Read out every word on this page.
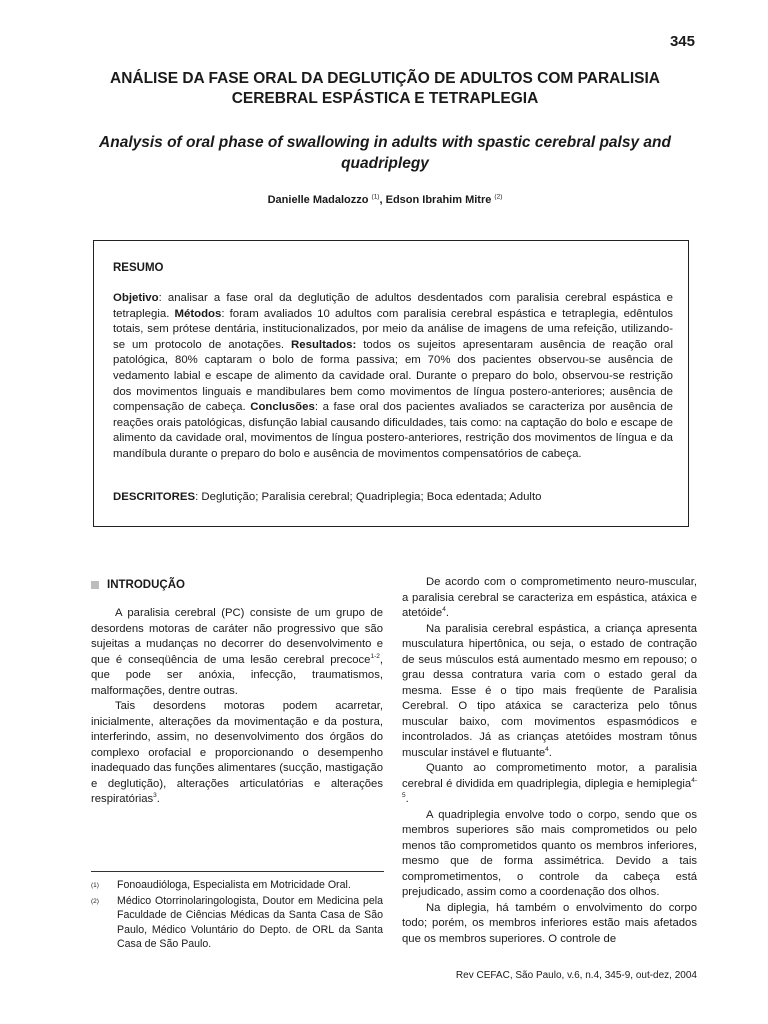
345
ANÁLISE DA FASE ORAL DA DEGLUTIÇÃO DE ADULTOS COM PARALISIA CEREBRAL ESPÁSTICA E TETRAPLEGIA
Analysis of oral phase of swallowing in adults with spastic cerebral palsy and quadriplegy
Danielle Madalozzo $^{(1)}$, Edson Ibrahim Mitre $^{(2)}$
RESUMO
Objetivo: analisar a fase oral da deglutição de adultos desdentados com paralisia cerebral espástica e tetraplegia. Métodos: foram avaliados 10 adultos com paralisia cerebral espástica e tetraplegia, edêntulos totais, sem prótese dentária, institucionalizados, por meio da análise de imagens de uma refeição, utilizando-se um protocolo de anotações. Resultados: todos os sujeitos apresentaram ausência de reação oral patológica, 80% captaram o bolo de forma passiva; em 70% dos pacientes observou-se ausência de vedamento labial e escape de alimento da cavidade oral. Durante o preparo do bolo, observou-se restrição dos movimentos linguais e mandibulares bem como movimentos de língua postero-anteriores; ausência de compensação de cabeça. Conclusões: a fase oral dos pacientes avaliados se caracteriza por ausência de reações orais patológicas, disfunção labial causando dificuldades, tais como: na captação do bolo e escape de alimento da cavidade oral, movimentos de língua postero-anteriores, restrição dos movimentos de língua e da mandíbula durante o preparo do bolo e ausência de movimentos compensatórios de cabeça.
DESCRITORES: Deglutição; Paralisia cerebral; Quadriplegia; Boca edentada; Adulto
INTRODUÇÃO

A paralisia cerebral (PC) consiste de um grupo de desordens motoras de caráter não progressivo que são sujeitas a mudanças no decorrer do desenvolvimento e que é conseqüência de uma lesão cerebral precoce$^{1-2}$, que pode ser anóxia, infecção, traumatismos, malformações, dentre outras.

Tais desordens motoras podem acarretar, inicialmente, alterações da movimentação e da postura, interferindo, assim, no desenvolvimento dos órgãos do complexo orofacial e proporcionando o desempenho inadequado das funções alimentares (sucção, mastigação e deglutição), alterações articulatórias e alterações respiratórias$^3$.

De acordo com o comprometimento neuro-muscular, a paralisia cerebral se caracteriza em espástica, atáxica e atetóide$^4$.

Na paralisia cerebral espástica, a criança apresenta musculatura hipertônica, ou seja, o estado de contração de seus músculos está aumentado mesmo em repouso; o grau dessa contratura varia com o estado geral da mesma. Esse é o tipo mais freqüente de Paralisia Cerebral. O tipo atáxica se caracteriza pelo tônus muscular baixo, com movimentos espasmódicos e incontrolados. Já as crianças atetóides mostram tônus muscular instável e flutuante$^4$.

Quanto ao comprometimento motor, a paralisia cerebral é dividida em quadriplegia, diplegia e hemiplegia$^{4-5}$.

A quadriplegia envolve todo o corpo, sendo que os membros superiores são mais comprometidos ou pelo menos tão comprometidos quanto os membros inferiores, mesmo que de forma assimétrica. Devido a tais comprometimentos, o controle da cabeça está prejudicado, assim como a coordenação dos olhos.

Na diplegia, há também o envolvimento do corpo todo; porém, os membros inferiores estão mais afetados que os membros superiores. O controle de

(1)	Fonoaudióloga, Especialista em Motricidade Oral.
(2)	Médico Otorrinolaringologista, Doutor em Medicina pela Faculdade de Ciências Médicas da Santa Casa de São Paulo, Médico Voluntário do Depto. de ORL da Santa Casa de São Paulo.
Rev CEFAC, São Paulo, v.6, n.4, 345-9, out-dez, 2004
